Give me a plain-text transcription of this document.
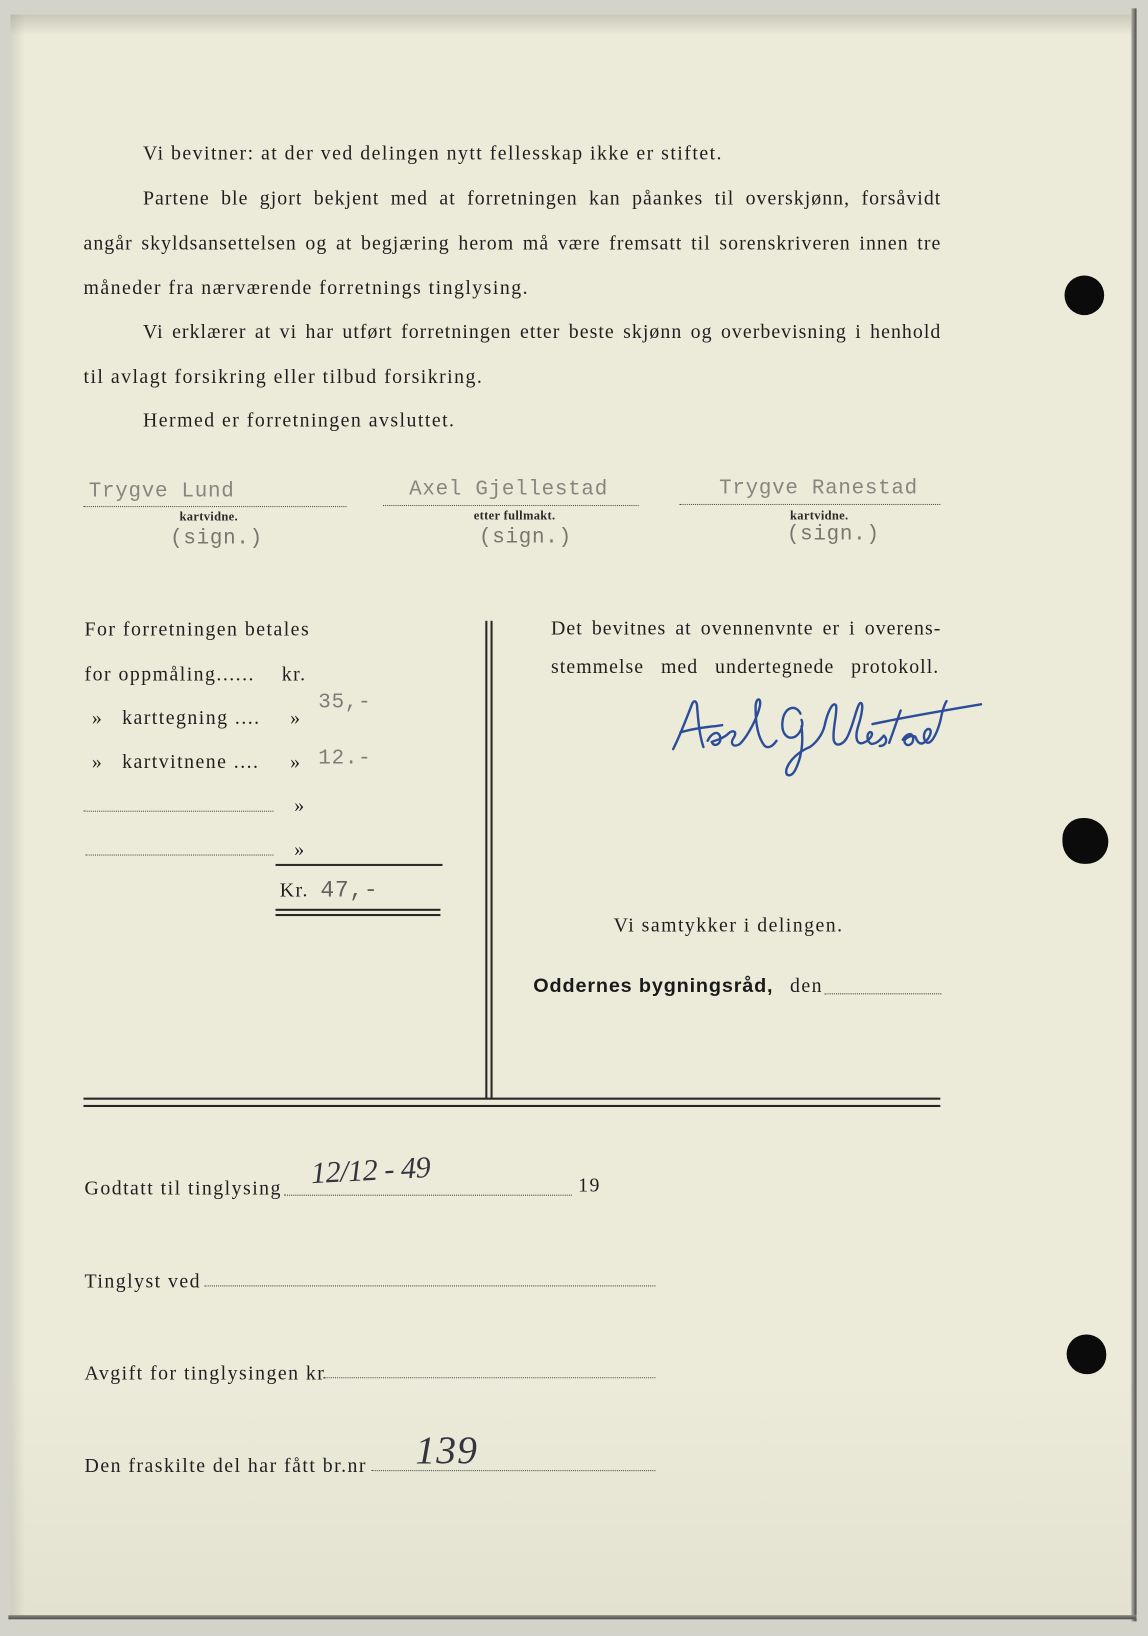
Vi bevitner: at der ved delingen nytt fellesskap ikke er stiftet.
Partene ble gjort bekjent med at forretningen kan påankes til overskjønn, forsåvidt
angår skyldsansettelsen og at begjæring herom må være fremsatt til sorenskriveren innen tre
måneder fra nærværende forretnings tinglysing.
Vi erklærer at vi har utført forretningen etter beste skjønn og overbevisning i henhold
til avlagt forsikring eller tilbud forsikring.
Hermed er forretningen avsluttet.
Trygve Lund
kartvidne.
(sign.)
Axel Gjellestad
etter fullmakt.
(sign.)
Trygve Ranestad
kartvidne.
(sign.)
For forretningen betales
for oppmåling...... kr.
» karttegning .... »
35,-
» kartvitnene .... » 12.-
»
»
Kr. 47,-
Det bevitnes at ovennenvnte er i overens-
stemmelse med undertegnede protokoll.
Vi samtykker i delingen.
Oddernes bygningsråd, den
Godtatt til tinglysing 12/12 - 49	19
Tinglyst ved
Avgift for tinglysingen kr
Den fraskilte del har fått br.nr 139
